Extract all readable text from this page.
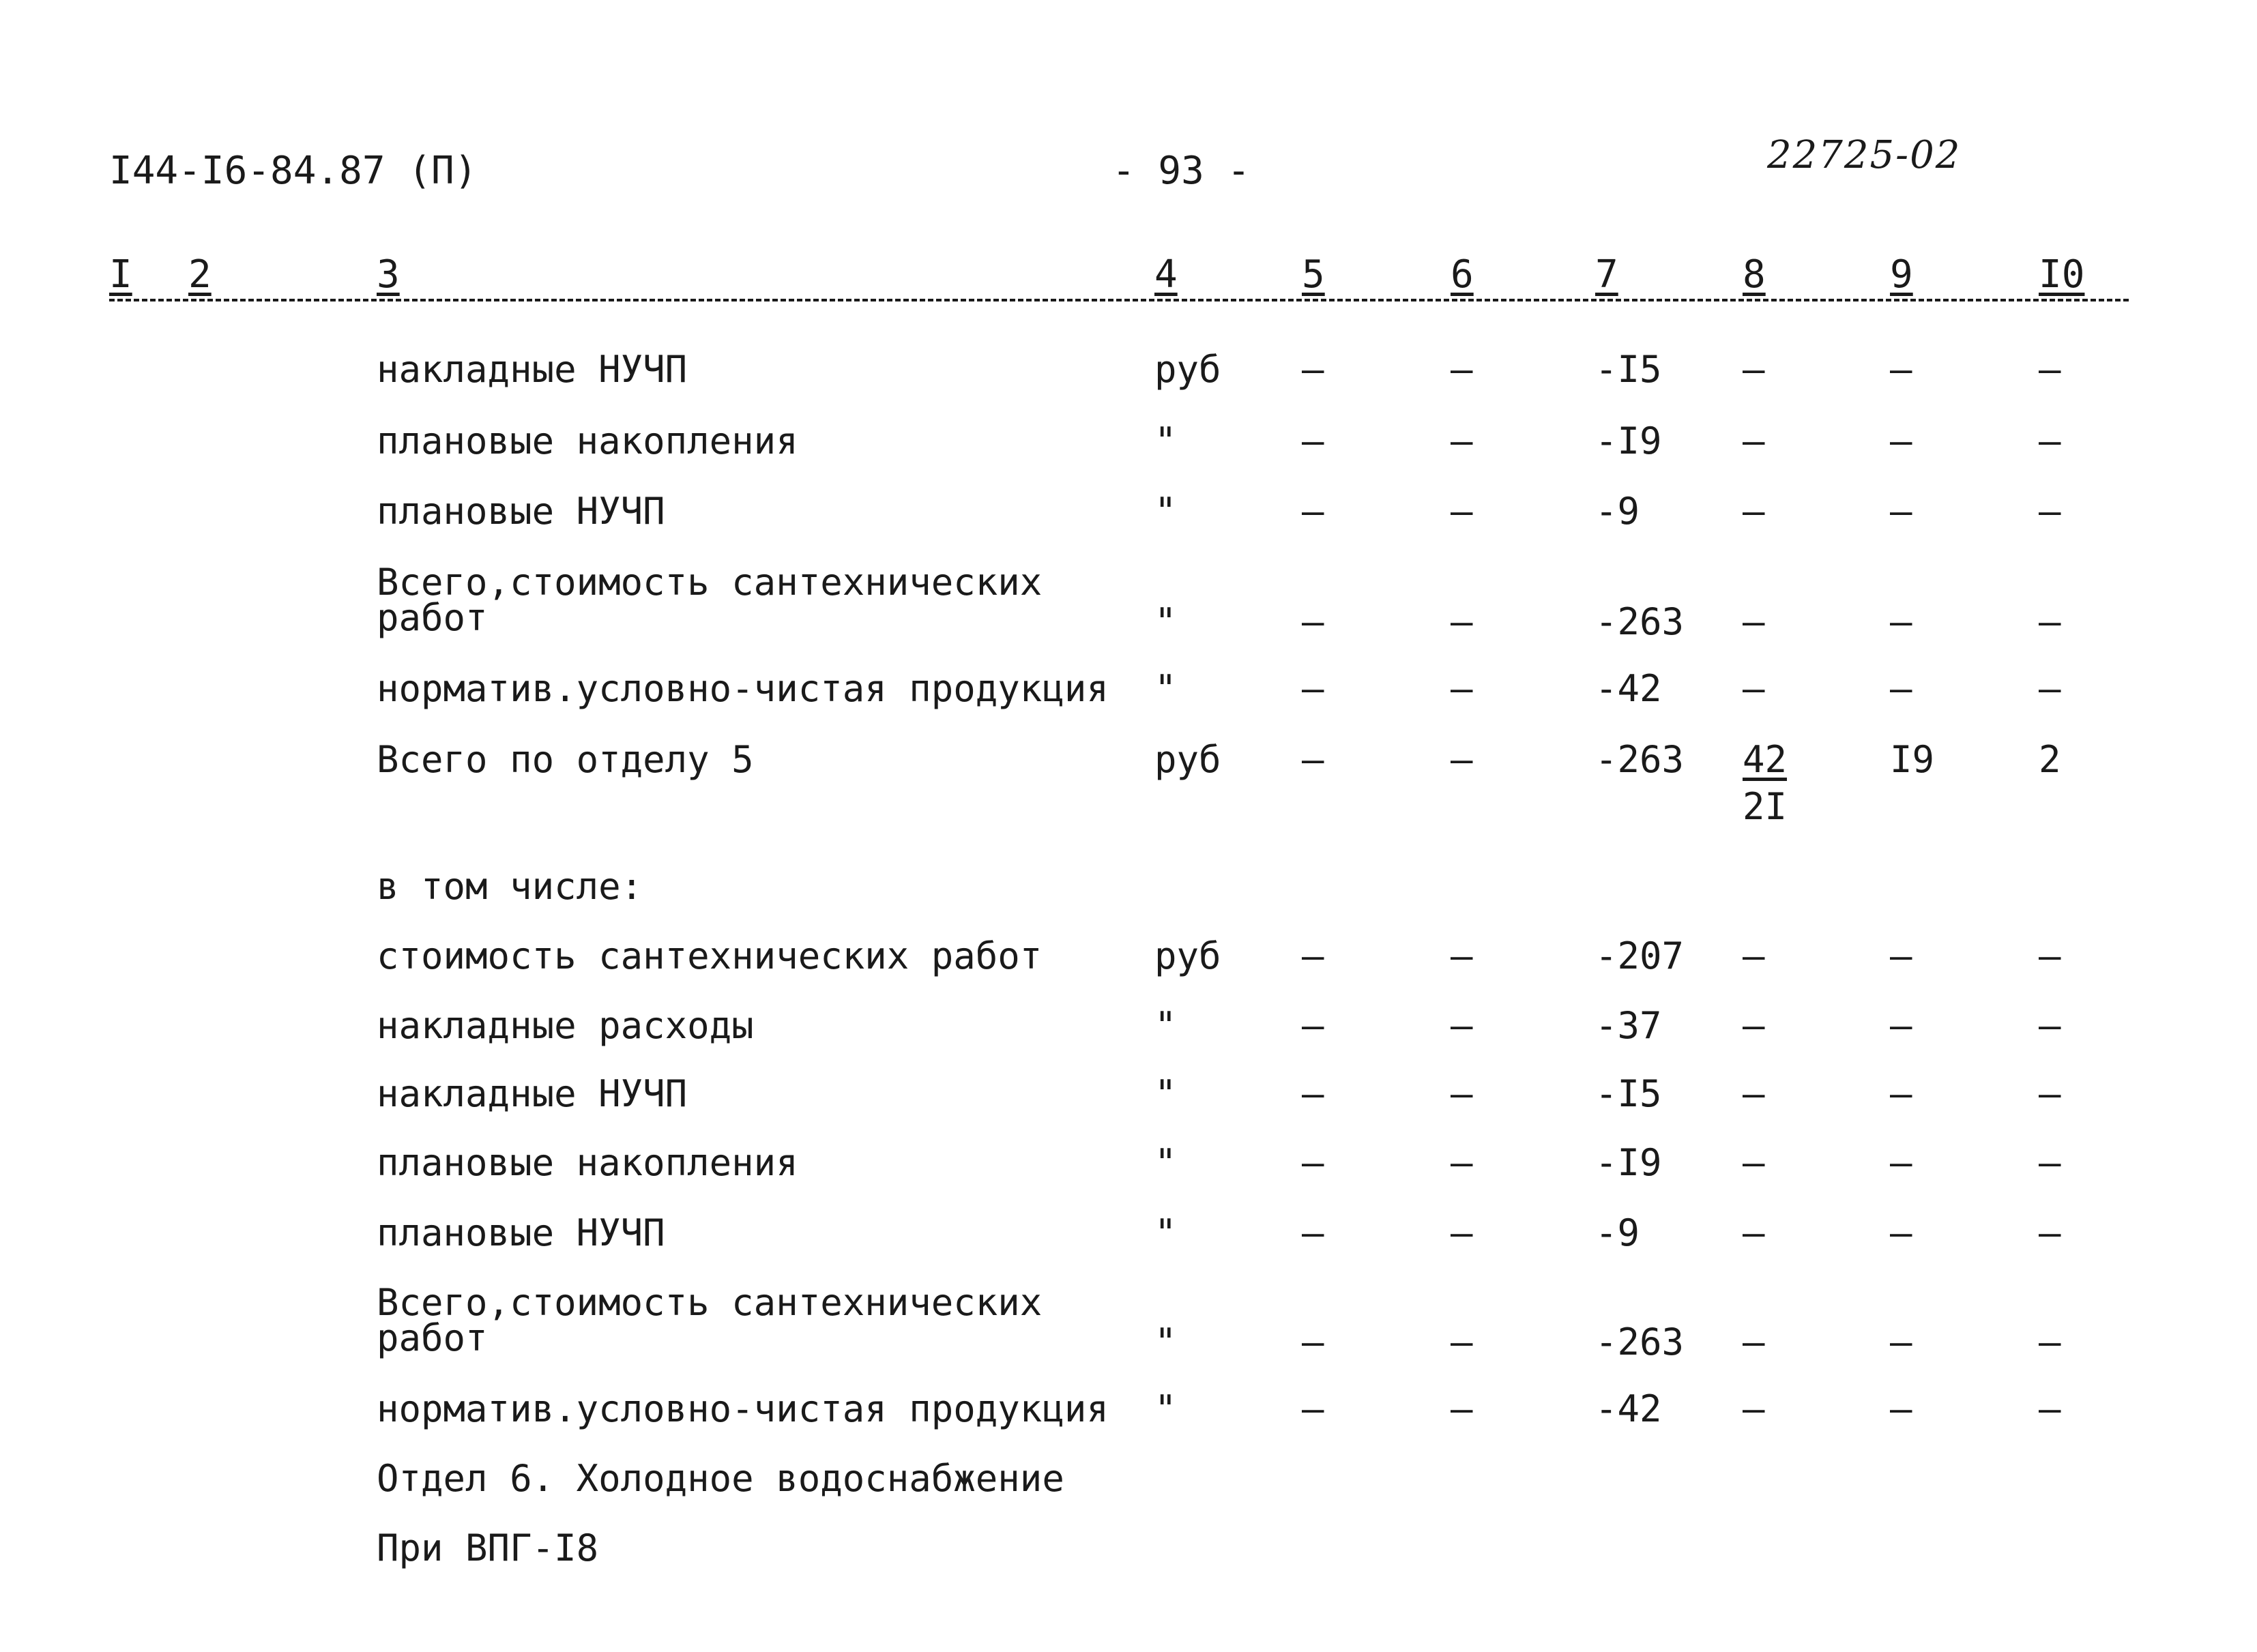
I44-I6-84.87 (П)	- 93 -	22725-02
I 2	3	4	5	6	7	8	9	I0
накладные НУЧП	руб –	–	-I5 –	–	–
плановые накопления	"	–	–	-I9 –	–	–
плановые НУЧП	"	–	–	-9	–	–	–
Всего,стоимость сантехнических
работ	"	–	–	-263 –	–	–
норматив.условно-чистая продукция "	–	–	-42 –	–	–
Всего по отделу 5	руб –	–	$-263 \frac{42}{2I}$	I9	2
в том числе:
стоимость сантехнических работ	руб –	–	-207 –	–	–
накладные расходы	"	–	–	-37 –	–	–
накладные НУЧП	"	–	–	-I5 –	–	–
плановые накопления	"	–	–	-I9 –	–	–
плановые НУЧП	"	–	–	-9	–	–	–
Всего,стоимость сантехнических
работ	"	–	–	-263 –	–	–
норматив.условно-чистая продукция "	–	–	-42 –	–	–
Отдел 6. Холодное водоснабжение
При ВПГ-I8
